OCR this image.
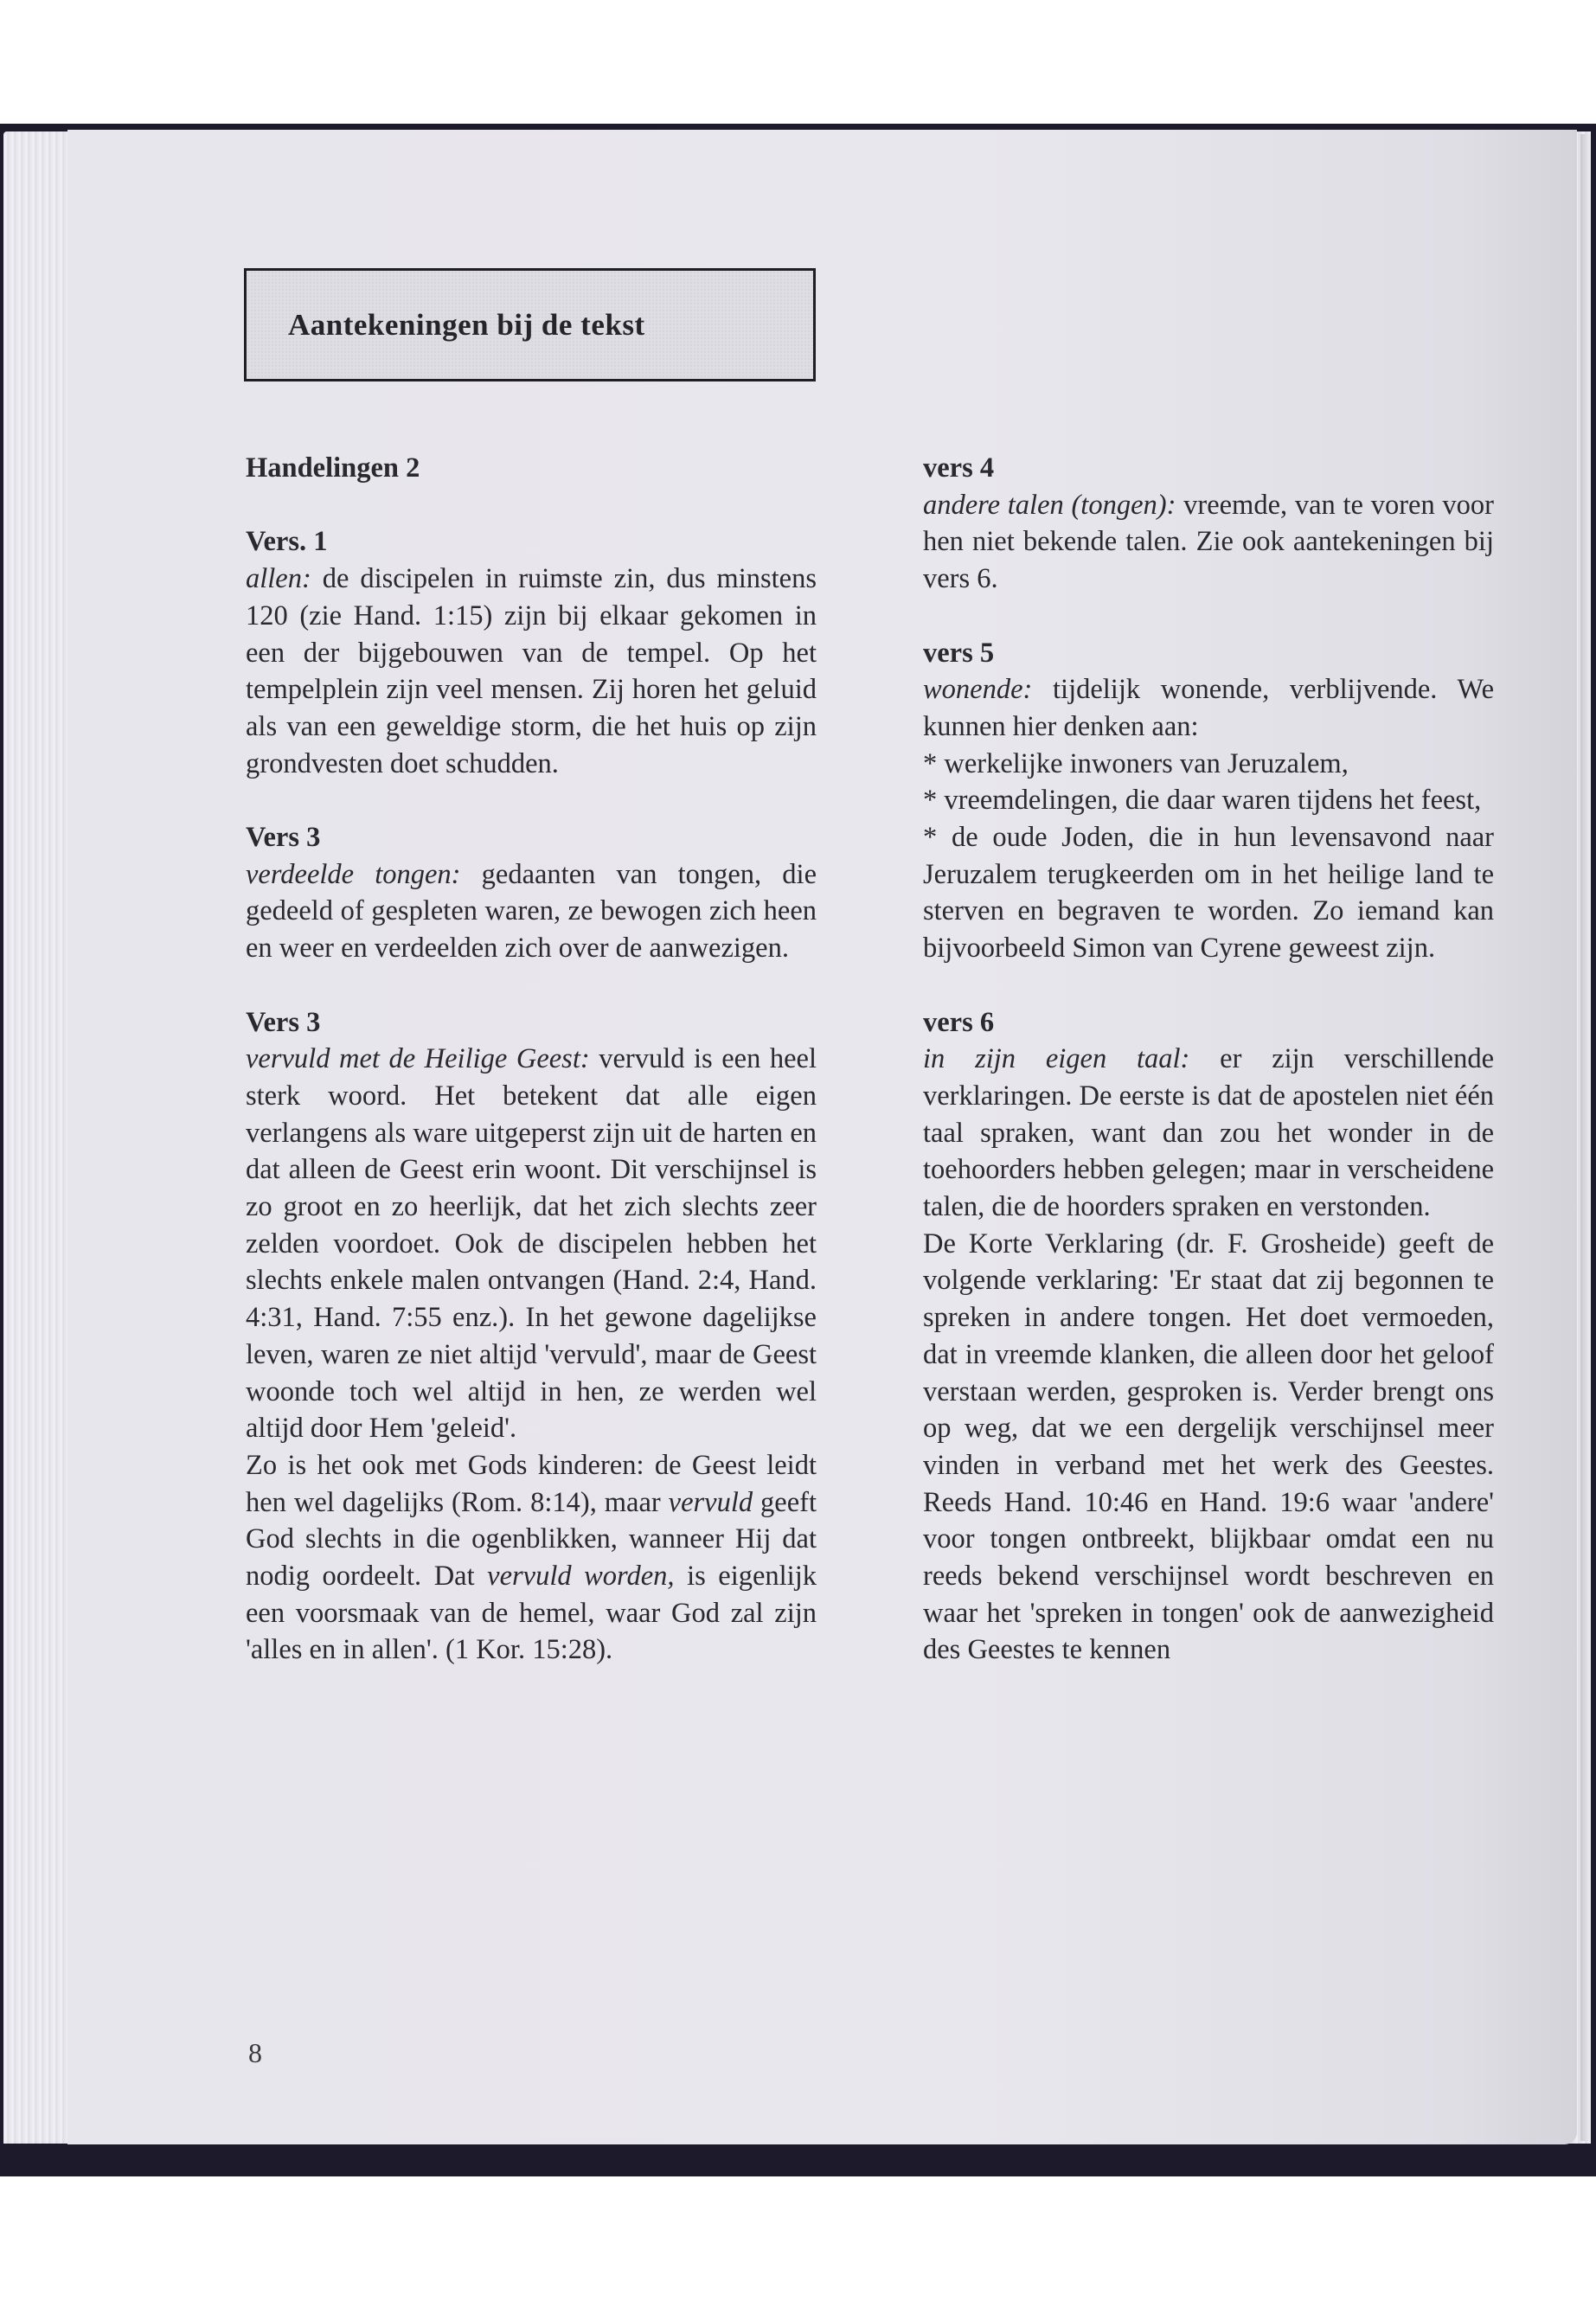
Aantekeningen bij de tekst

Handelingen 2

Vers. 1

allen: de discipelen in ruimste zin, dus minstens 120 (zie Hand. 1:15) zijn bij elkaar gekomen in een der bijgebouwen van de tempel. Op het tempelplein zijn veel mensen. Zij horen het geluid als van een geweldige storm, die het huis op zijn grondvesten doet schudden.

Vers 3

verdeelde tongen: gedaanten van tongen, die gedeeld of gespleten waren, ze bewogen zich heen en weer en verdeelden zich over de aanwezigen.

Vers 3

vervuld met de Heilige Geest: vervuld is een heel sterk woord. Het betekent dat alle eigen verlangens als ware uitgeperst zijn uit de harten en dat alleen de Geest erin woont. Dit verschijnsel is zo groot en zo heerlijk, dat het zich slechts zeer zelden voordoet. Ook de discipelen hebben het slechts enkele malen ontvangen (Hand. 2:4, Hand. 4:31, Hand. 7:55 enz.). In het gewone dagelijkse leven, waren ze niet altijd 'vervuld', maar de Geest woonde toch wel altijd in hen, ze werden wel altijd door Hem 'geleid'.

Zo is het ook met Gods kinderen: de Geest leidt hen wel dagelijks (Rom. 8:14), maar vervuld geeft God slechts in die ogenblikken, wanneer Hij dat nodig oordeelt. Dat vervuld worden, is eigenlijk een voorsmaak van de hemel, waar God zal zijn 'alles en in allen'. (1 Kor. 15:28).

vers 4

andere talen (tongen): vreemde, van te voren voor hen niet bekende talen. Zie ook aantekeningen bij vers 6.

vers 5

wonende: tijdelijk wonende, verblijvende. We kunnen hier denken aan:

* werkelijke inwoners van Jeruzalem,

* vreemdelingen, die daar waren tijdens het feest,

* de oude Joden, die in hun levensavond naar Jeruzalem terugkeerden om in het heilige land te sterven en begraven te worden. Zo iemand kan bijvoorbeeld Simon van Cyrene geweest zijn.

vers 6

in zijn eigen taal: er zijn verschillende verklaringen. De eerste is dat de apostelen niet één taal spraken, want dan zou het wonder in de toehoorders hebben gelegen; maar in verscheidene talen, die de hoorders spraken en verstonden.

De Korte Verklaring (dr. F. Grosheide) geeft de volgende verklaring: 'Er staat dat zij begonnen te spreken in andere tongen. Het doet vermoeden, dat in vreemde klanken, die alleen door het geloof verstaan werden, gesproken is. Verder brengt ons op weg, dat we een dergelijk verschijnsel meer vinden in verband met het werk des Geestes. Reeds Hand. 10:46 en Hand. 19:6 waar 'andere' voor tongen ontbreekt, blijkbaar omdat een nu reeds bekend verschijnsel wordt beschreven en waar het 'spreken in tongen' ook de aanwezigheid des Geestes te kennen

8
